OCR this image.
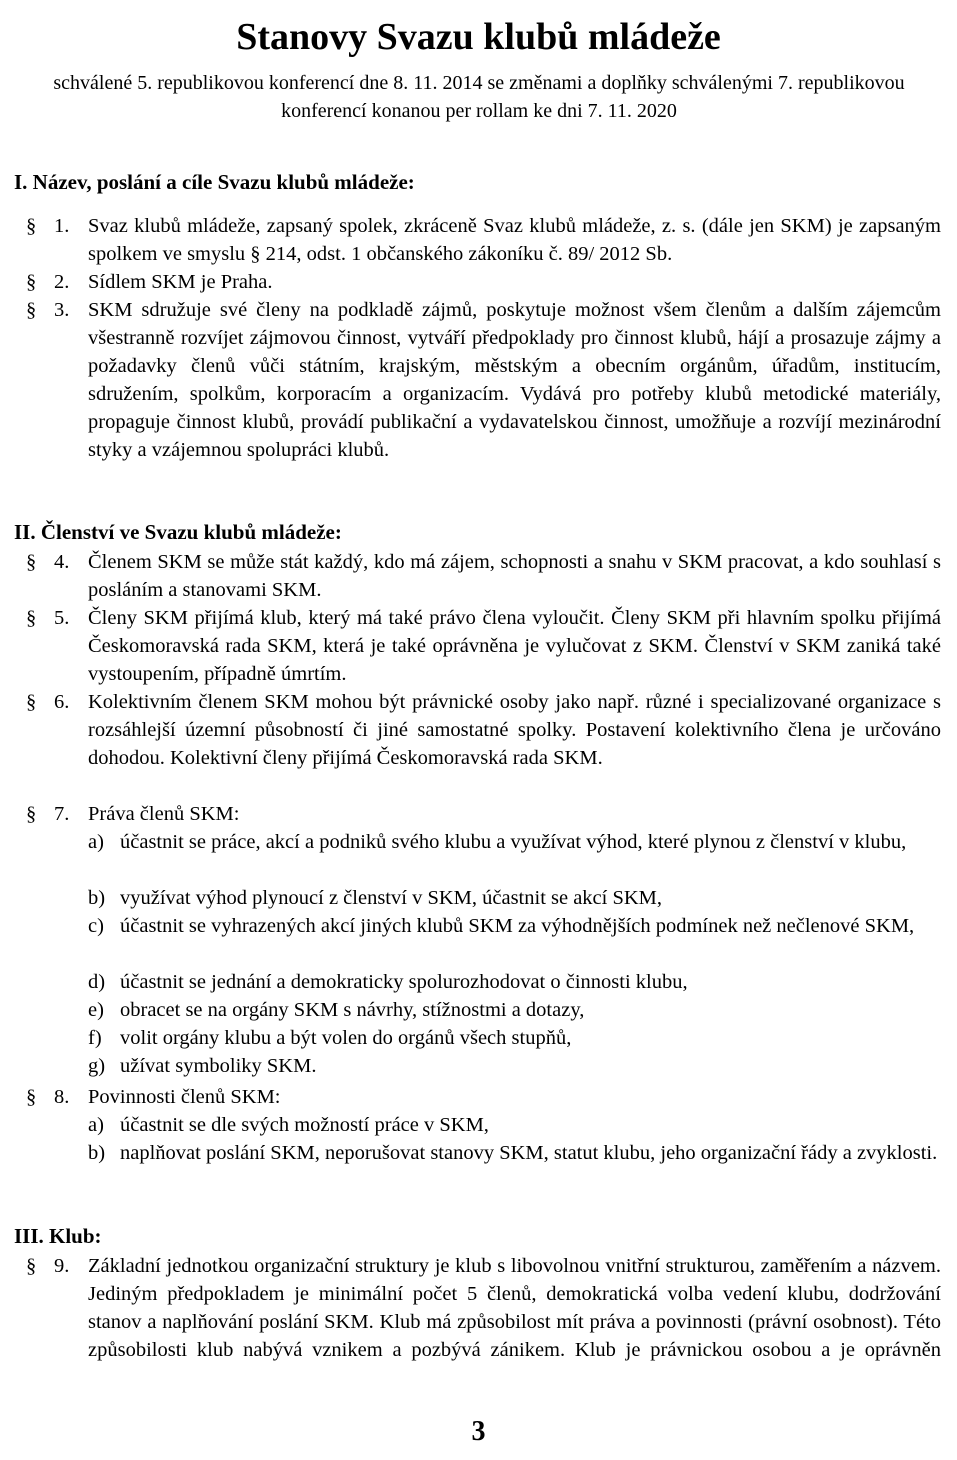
Stanovy Svazu klubů mládeže
schválené 5. republikovou konferencí dne 8. 11. 2014 se změnami a doplňky schválenými 7. republikovou konferencí konanou per rollam ke dni 7. 11. 2020
I. Název, poslání a cíle Svazu klubů mládeže:
§ 1. Svaz klubů mládeže, zapsaný spolek, zkráceně Svaz klubů mládeže, z. s. (dále jen SKM) je zapsaným spolkem ve smyslu § 214, odst. 1 občanského zákoníku č. 89/ 2012 Sb.
§ 2. Sídlem SKM je Praha.
§ 3. SKM sdružuje své členy na podkladě zájmů, poskytuje možnost všem členům a dalším zájemcům všestranně rozvíjet zájmovou činnost, vytváří předpoklady pro činnost klubů, hájí a prosazuje zájmy a požadavky členů vůči státním, krajským, městským a obecním orgánům, úřadům, institucím, sdružením, spolkům, korporacím a organizacím. Vydává pro potřeby klubů metodické materiály, propaguje činnost klubů, provádí publikační a vydavatelskou činnost, umožňuje a rozvíjí mezinárodní styky a vzájemnou spolupráci klubů.
II. Členství ve Svazu klubů mládeže:
§ 4. Členem SKM se může stát každý, kdo má zájem, schopnosti a snahu v SKM pracovat, a kdo souhlasí s posláním a stanovami SKM.
§ 5. Členy SKM přijímá klub, který má také právo člena vyloučit. Členy SKM při hlavním spolku přijímá Českomoravská rada SKM, která je také oprávněna je vylučovat z SKM. Členství v SKM zaniká také vystoupením, případně úmrtím.
§ 6. Kolektivním členem SKM mohou být právnické osoby jako např. různé i specializované organizace s rozsáhlejší územní působností či jiné samostatné spolky. Postavení kolektivního člena je určováno dohodou. Kolektivní členy přijímá Českomoravská rada SKM.
§ 7. Práva členů SKM:
a) účastnit se práce, akcí a podniků svého klubu a využívat výhod, které plynou z členství v klubu,
b) využívat výhod plynoucí z členství v SKM, účastnit se akcí SKM,
c) účastnit se vyhrazených akcí jiných klubů SKM za výhodnějších podmínek než nečlenové SKM,
d) účastnit se jednání a demokraticky spolurozhodovat o činnosti klubu,
e) obracet se na orgány SKM s návrhy, stížnostmi a dotazy,
f) volit orgány klubu a být volen do orgánů všech stupňů,
g) užívat symboliky SKM.
§ 8. Povinnosti členů SKM:
a) účastnit se dle svých možností práce v SKM,
b) naplňovat poslání SKM, neporušovat stanovy SKM, statut klubu, jeho organizační řády a zvyklosti.
III. Klub:
§ 9. Základní jednotkou organizační struktury je klub s libovolnou vnitřní strukturou, zaměřením a názvem. Jediným předpokladem je minimální počet 5 členů, demokratická volba vedení klubu, dodržování stanov a naplňování poslání SKM. Klub má způsobilost mít práva a povinnosti (právní osobnost). Této způsobilosti klub nabývá vznikem a pozbývá zánikem. Klub je právnickou osobou a je oprávněn
3
